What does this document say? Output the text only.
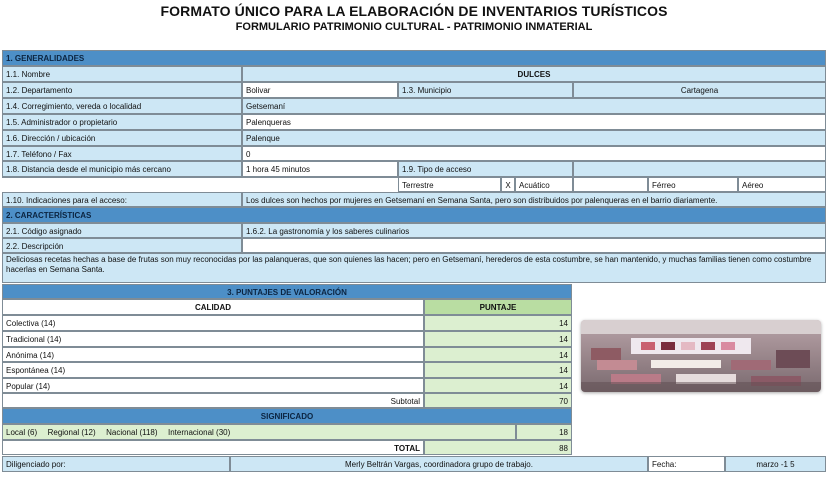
FORMATO ÚNICO PARA LA ELABORACIÓN DE INVENTARIOS TURÍSTICOS
FORMULARIO PATRIMONIO CULTURAL - PATRIMONIO INMATERIAL
1. GENERALIDADES
1.1. Nombre	DULCES
1.2. Departamento	Bolivar	1.3. Municipio	Cartagena
1.4. Corregimiento, vereda o localidad	Getsemaní
1.5. Administrador o propietario	Palenqueras
1.6. Dirección / ubicación	Palenque
1.7. Teléfono / Fax	0
1.8. Distancia desde el municipio más cercano	1 hora 45 minutos	1.9. Tipo de acceso
Terrestre	X	Acuático	Férreo	Aéreo
1.10. Indicaciones para el acceso:	Los dulces son hechos por mujeres en Getsemaní en Semana Santa, pero son distribuidos por palenqueras en el barrio diariamente.
2. CARACTERÍSTICAS
2.1. Código asignado	1.6.2. La gastronomía y los saberes culinarios
2.2. Descripción
Deliciosas recetas hechas a base de frutas son muy reconocidas por las palanqueras, que son quienes las hacen; pero en Getsemaní, herederos de esta costumbre, se han mantenido, y muchas familias tienen como costumbre hacerlas en Semana Santa.
3. PUNTAJES DE VALORACIÓN
CALIDAD	PUNTAJE
Colectiva (14)	14
Tradicional (14)	14
Anónima (14)	14
Espontánea (14)	14
Popular (14)	14
Subtotal	70
SIGNIFICADO
Local (6) Regional (12) Nacional (118) Internacional (30)	18
TOTAL	88
Diligenciado por:	Merly Beltrán Vargas, coordinadora grupo de trabajo.	Fecha:	marzo -1 5
